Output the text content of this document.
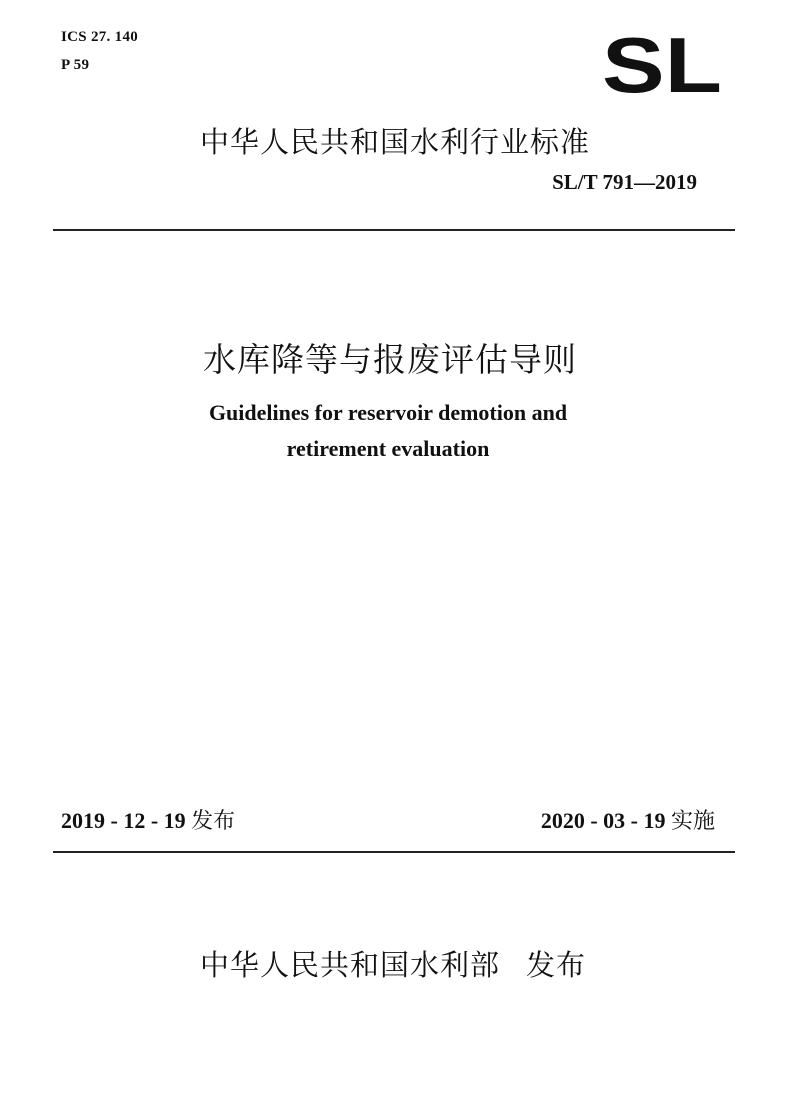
ICS 27. 140
P 59	SL
中华人民共和国水利行业标准
SL/T 791—2019
水库降等与报废评估导则
Guidelines for reservoir demotion and
retirement evaluation
2019 - 12 - 19 发布	2020 - 03 - 19 实施
中华人民共和国水利部 发布
